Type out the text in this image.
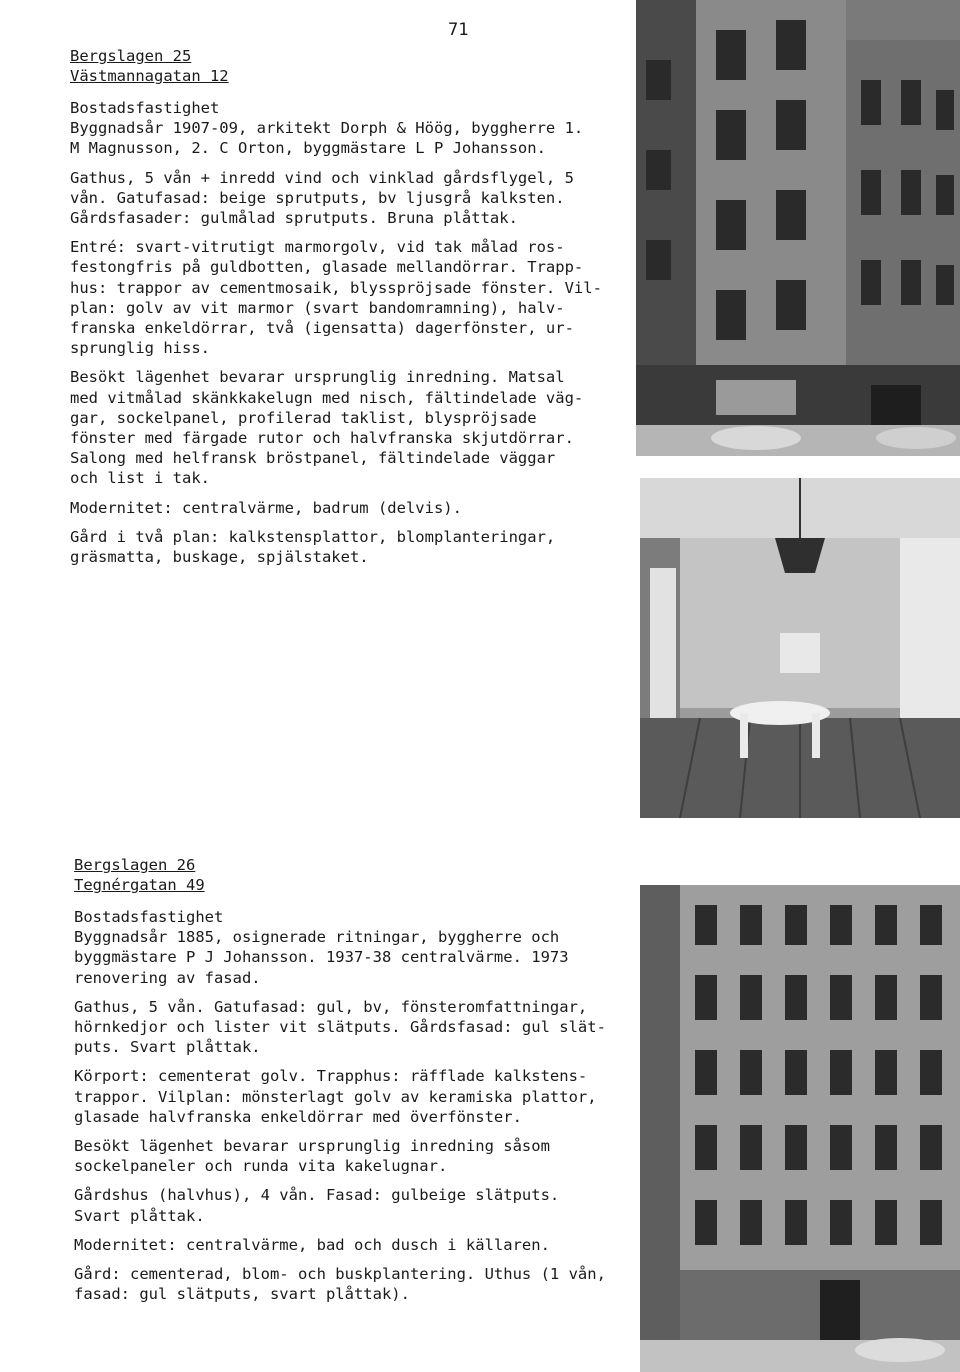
71
Bergslagen 25
Västmannagatan 12

Bostadsfastighet
Byggnadsår 1907-09, arkitekt Dorph & Höög, byggherre 1.
M Magnusson, 2. C Orton, byggmästare L P Johansson.

Gathus, 5 vån + inredd vind och vinklad gårdsflygel, 5
vån. Gatufasad: beige sprutputs, bv ljusgrå kalksten.
Gårdsfasader: gulmålad sprutputs. Bruna plåttak.

Entré: svart-vitrutigt marmorgolv, vid tak målad ros-
festongfris på guldbotten, glasade mellandörrar. Trapp-
hus: trappor av cementmosaik, blysspröjsade fönster. Vil-
plan: golv av vit marmor (svart bandomramning), halv-
franska enkeldörrar, två (igensatta) dagerfönster, ur-
sprunglig hiss.

Besökt lägenhet bevarar ursprunglig inredning. Matsal
med vitmålad skänkkakelugn med nisch, fältindelade väg-
gar, sockelpanel, profilerad taklist, blyspröjsade
fönster med färgade rutor och halvfranska skjutdörrar.
Salong med helfransk bröstpanel, fältindelade väggar
och list i tak.

Modernitet: centralvärme, badrum (delvis).

Gård i två plan: kalkstensplattor, blomplanteringar,
gräsmatta, buskage, spjälstaket.

Bergslagen 26
Tegnérgatan 49

Bostadsfastighet
Byggnadsår 1885, osignerade ritningar, byggherre och
byggmästare P J Johansson. 1937-38 centralvärme. 1973
renovering av fasad.

Gathus, 5 vån. Gatufasad: gul, bv, fönsteromfattningar,
hörnkedjor och lister vit slätputs. Gårdsfasad: gul slät-
puts. Svart plåttak.

Körport: cementerat golv. Trapphus: räfflade kalkstens-
trappor. Vilplan: mönsterlagt golv av keramiska plattor,
glasade halvfranska enkeldörrar med överfönster.

Besökt lägenhet bevarar ursprunglig inredning såsom
sockelpaneler och runda vita kakelugnar.

Gårdshus (halvhus), 4 vån. Fasad: gulbeige slätputs.
Svart plåttak.

Modernitet: centralvärme, bad och dusch i källaren.

Gård: cementerad, blom- och buskplantering. Uthus (1 vån,
fasad: gul slätputs, svart plåttak).
